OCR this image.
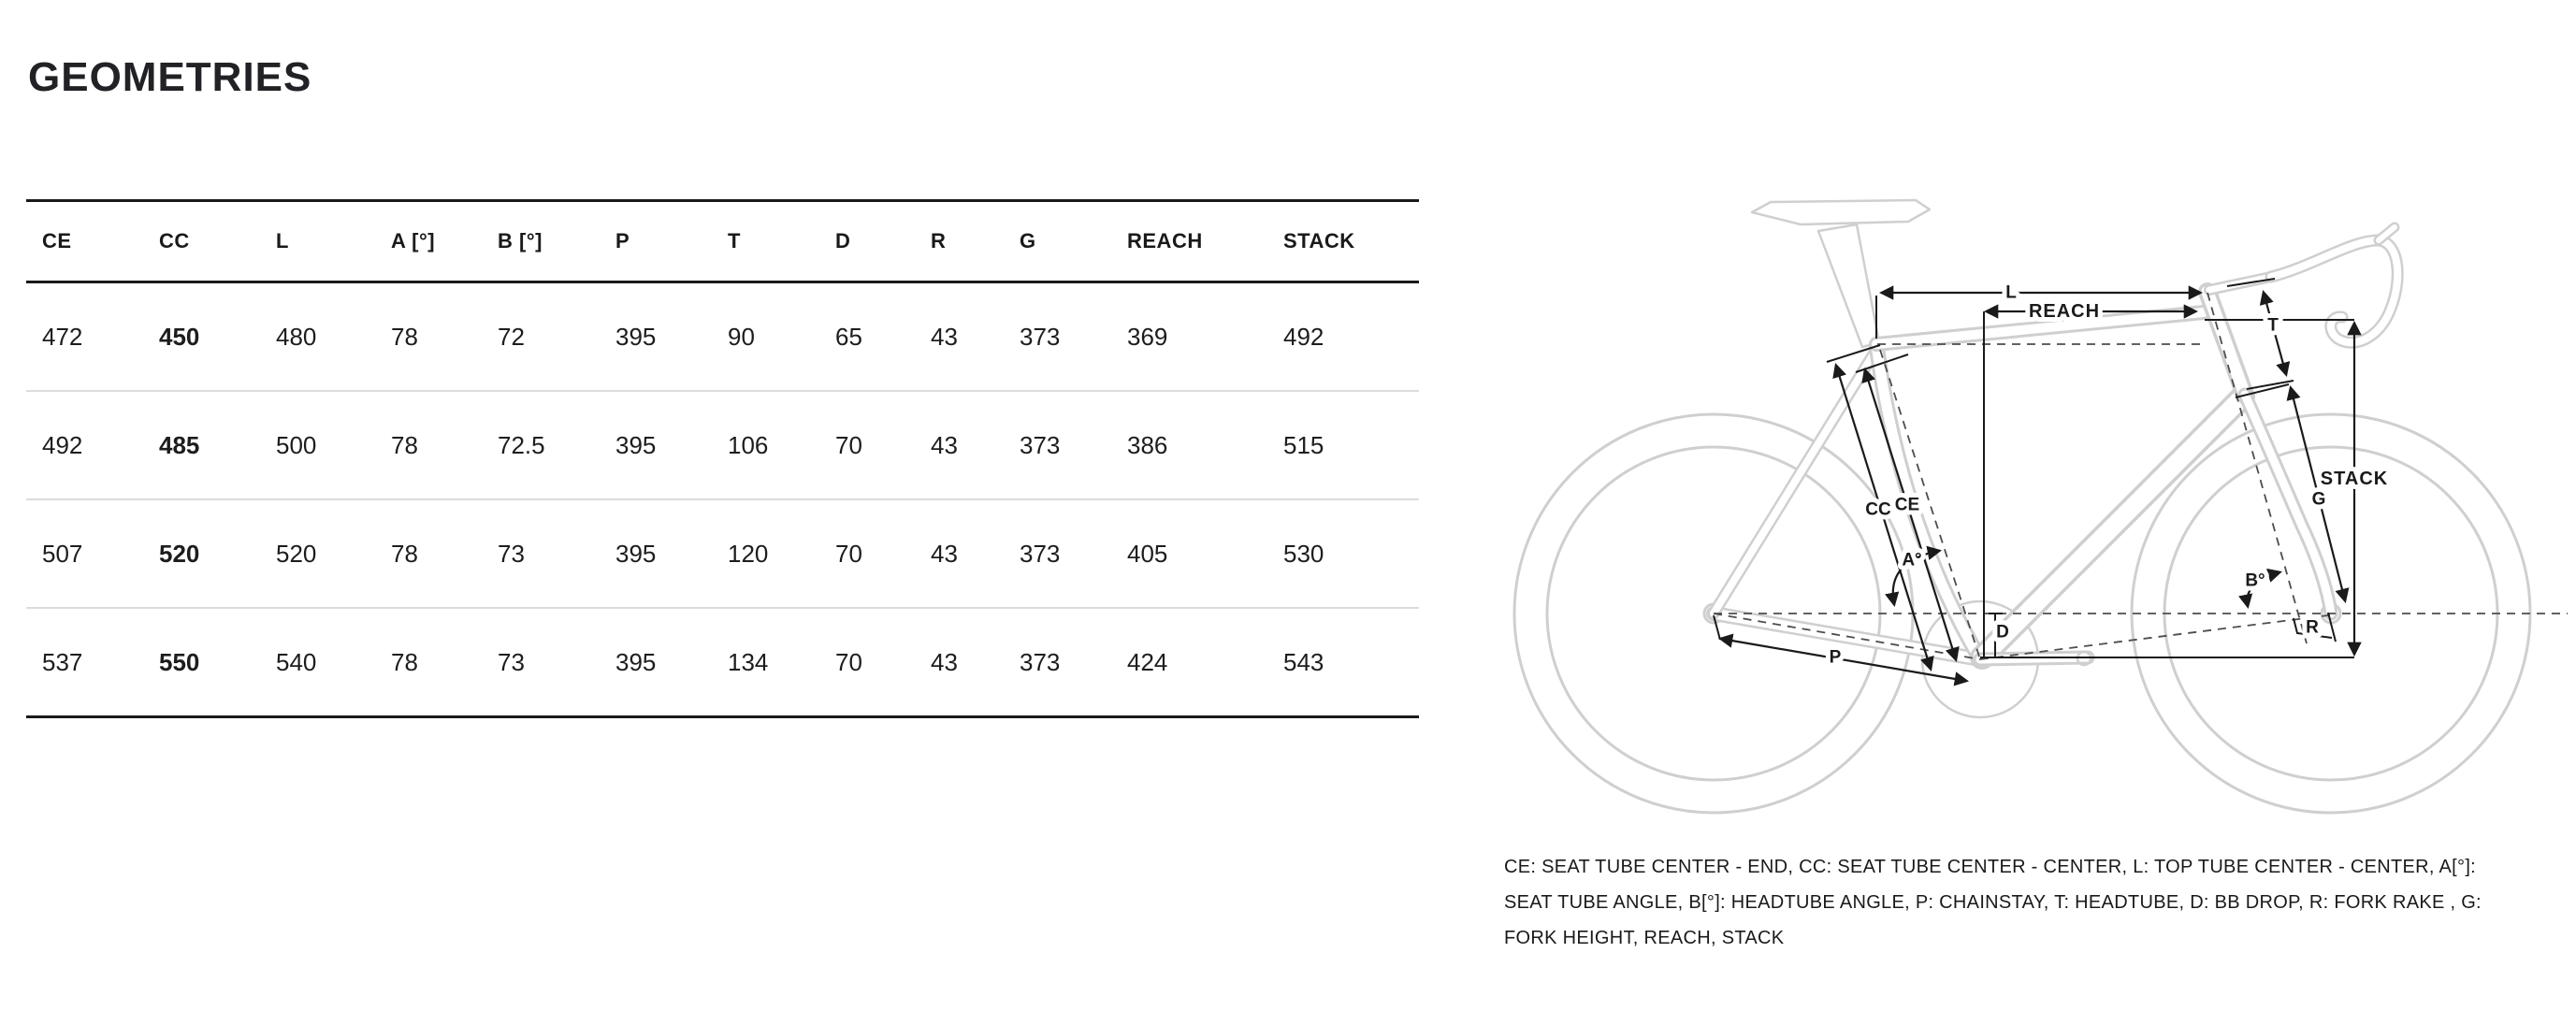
GEOMETRIES
CE	CC	L	A [°]	B [°]	P	T	D	R	G	REACH	STACK
472	450	480	78	72	395	90	65	43	373	369	492
492	485	500	78	72.5	395	106	70	43	373	386	515
507	520	520	78	73	395	120	70	43	373	405	530
537	550	540	78	73	395	134	70	43	373	424	543
L
REACH
STACK
T
G
CC CE
A°
B°
D	R
P
CE: SEAT TUBE CENTER - END, CC: SEAT TUBE CENTER - CENTER, L: TOP TUBE CENTER - CENTER, A[°]: SEAT TUBE ANGLE, B[°]: HEADTUBE ANGLE, P: CHAINSTAY, T: HEADTUBE, D: BB DROP, R: FORK RAKE , G: FORK HEIGHT, REACH, STACK
